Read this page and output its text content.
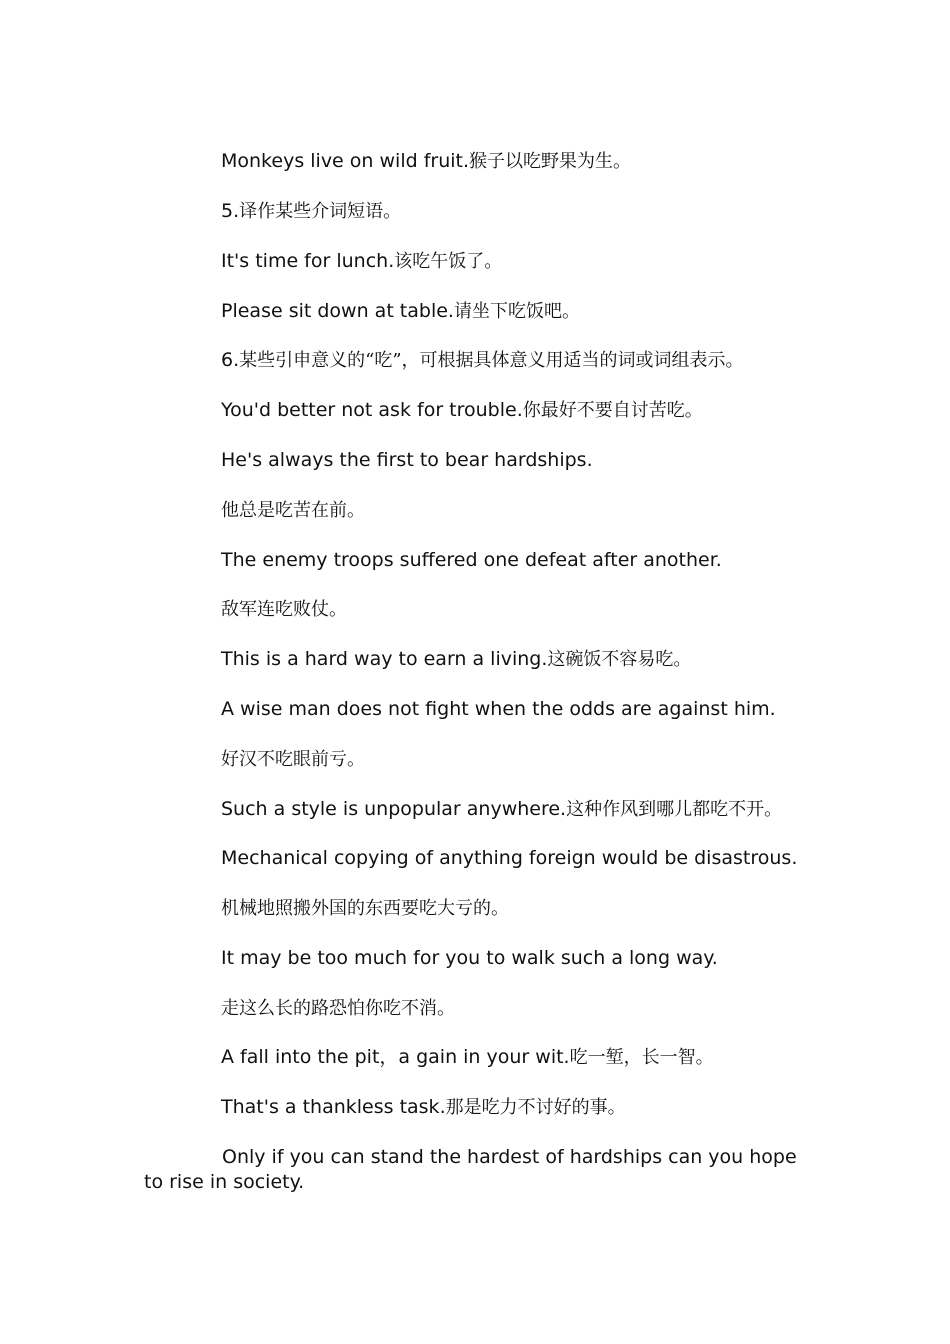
Monkeys live on wild fruit.猴子以吃野果为生。
5.译作某些介词短语。
It's time for lunch.该吃午饭了。
Please sit down at table.请坐下吃饭吧。
6.某些引申意义的“吃”，可根据具体意义用适当的词或词组表示。
You'd better not ask for trouble.你最好不要自讨苦吃。
He's always the first to bear hardships.
他总是吃苦在前。
The enemy troops suffered one defeat after another.
敌军连吃败仗。
This is a hard way to earn a living.这碗饭不容易吃。
A wise man does not fight when the odds are against him.
好汉不吃眼前亏。
Such a style is unpopular anywhere.这种作风到哪儿都吃不开。
Mechanical copying of anything foreign would be disastrous.
机械地照搬外国的东西要吃大亏的。
It may be too much for you to walk such a long way.
走这么长的路恐怕你吃不消。
A fall into the pit，a gain in your wit.吃一堑，长一智。
That's a thankless task.那是吃力不讨好的事。
Only if you can stand the hardest of hardships can you hope to rise in society.
